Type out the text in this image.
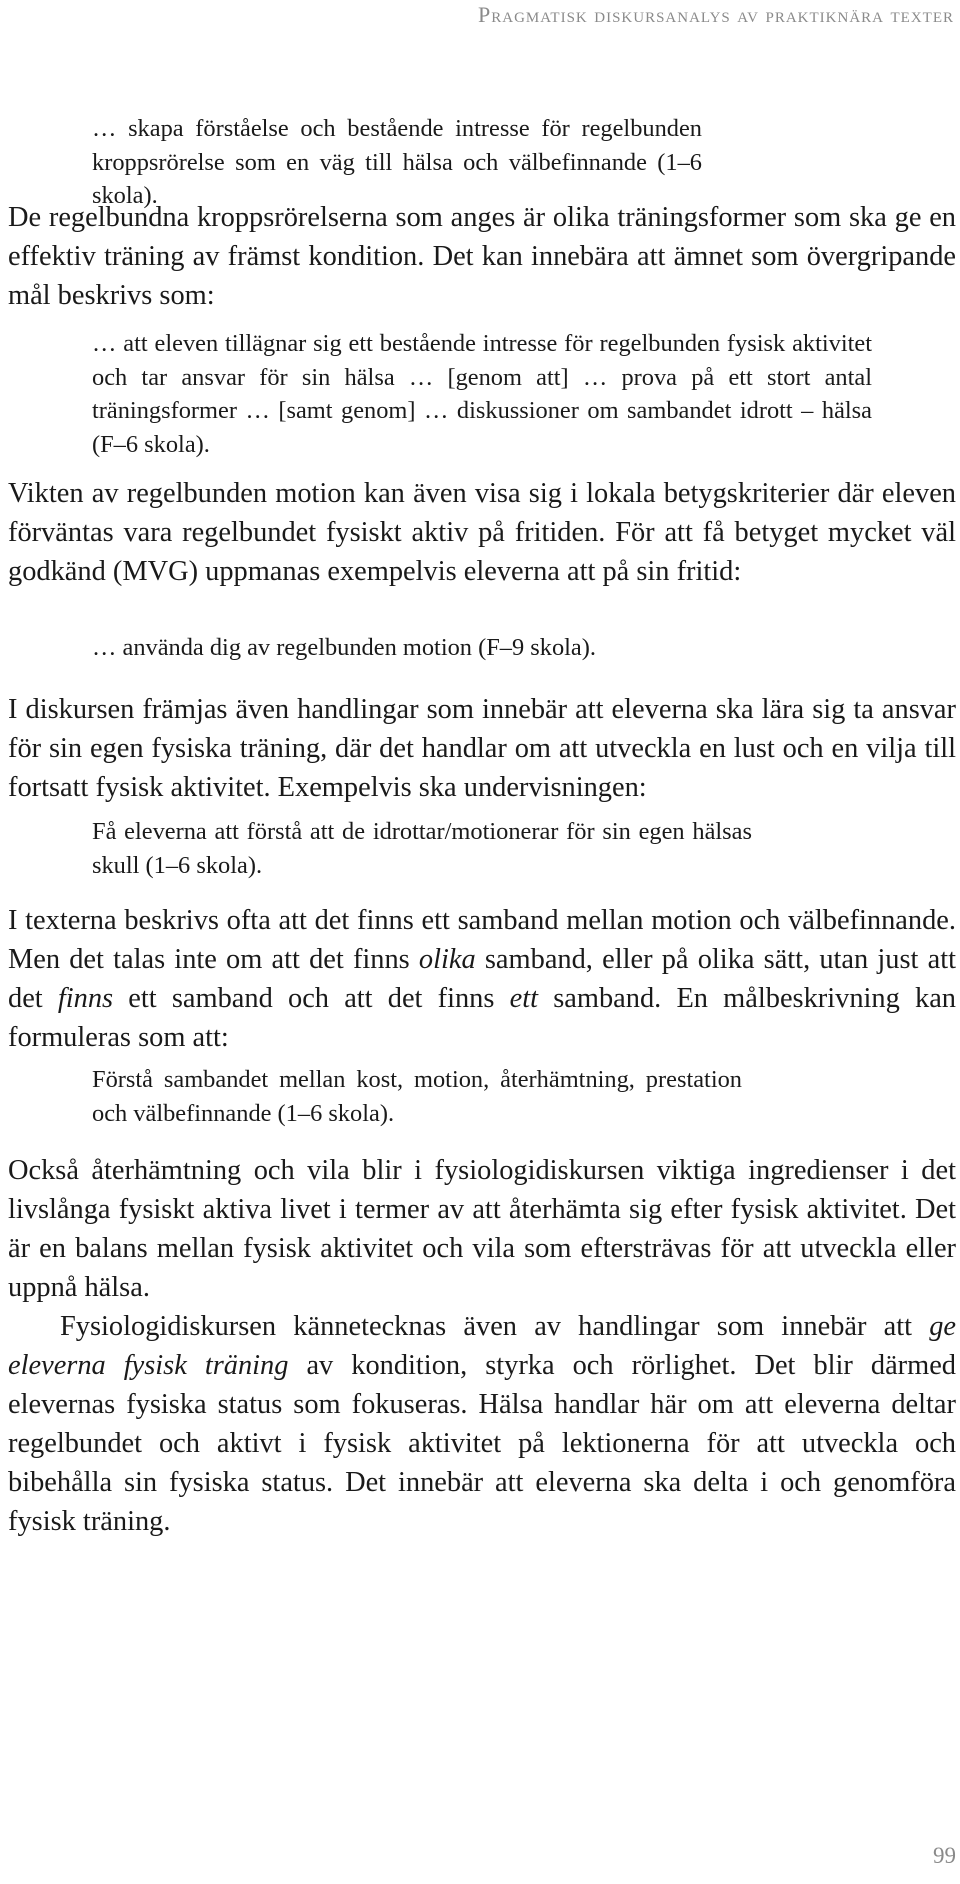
Pragmatisk diskursanalys av praktiknära texter

… skapa förståelse och bestående intresse för regelbunden kroppsrörelse som en väg till hälsa och välbefinnande (1–6 skola).

De regelbundna kroppsrörelserna som anges är olika träningsformer som ska ge en effektiv träning av främst kondition. Det kan innebära att ämnet som övergripande mål beskrivs som:

… att eleven tillägnar sig ett bestående intresse för regelbunden fysisk aktivitet och tar ansvar för sin hälsa … [genom att] … prova på ett stort antal träningsformer … [samt genom] … diskussioner om sambandet idrott – hälsa (F–6 skola).

Vikten av regelbunden motion kan även visa sig i lokala betygskriterier där eleven förväntas vara regelbundet fysiskt aktiv på fritiden. För att få betyget mycket väl godkänd (MVG) uppmanas exempelvis eleverna att på sin fritid:

… använda dig av regelbunden motion (F–9 skola).

I diskursen främjas även handlingar som innebär att eleverna ska lära sig ta ansvar för sin egen fysiska träning, där det handlar om att utveckla en lust och en vilja till fortsatt fysisk aktivitet. Exempelvis ska undervisningen:

Få eleverna att förstå att de idrottar/motionerar för sin egen hälsas skull (1–6 skola).

I texterna beskrivs ofta att det finns ett samband mellan motion och välbefinnande. Men det talas inte om att det finns olika samband, eller på olika sätt, utan just att det finns ett samband och att det finns ett samband. En målbeskrivning kan formuleras som att:

Förstå sambandet mellan kost, motion, återhämtning, prestation och välbefinnande (1–6 skola).

Också återhämtning och vila blir i fysiologidiskursen viktiga ingredienser i det livslånga fysiskt aktiva livet i termer av att återhämta sig efter fysisk aktivitet. Det är en balans mellan fysisk aktivitet och vila som eftersträvas för att utveckla eller uppnå hälsa.

Fysiologidiskursen kännetecknas även av handlingar som innebär att ge eleverna fysisk träning av kondition, styrka och rörlighet. Det blir därmed elevernas fysiska status som fokuseras. Hälsa handlar här om att eleverna deltar regelbundet och aktivt i fysisk aktivitet på lektionerna för att utveckla och bibehålla sin fysiska status. Det innebär att eleverna ska delta i och genomföra fysisk träning.

99
